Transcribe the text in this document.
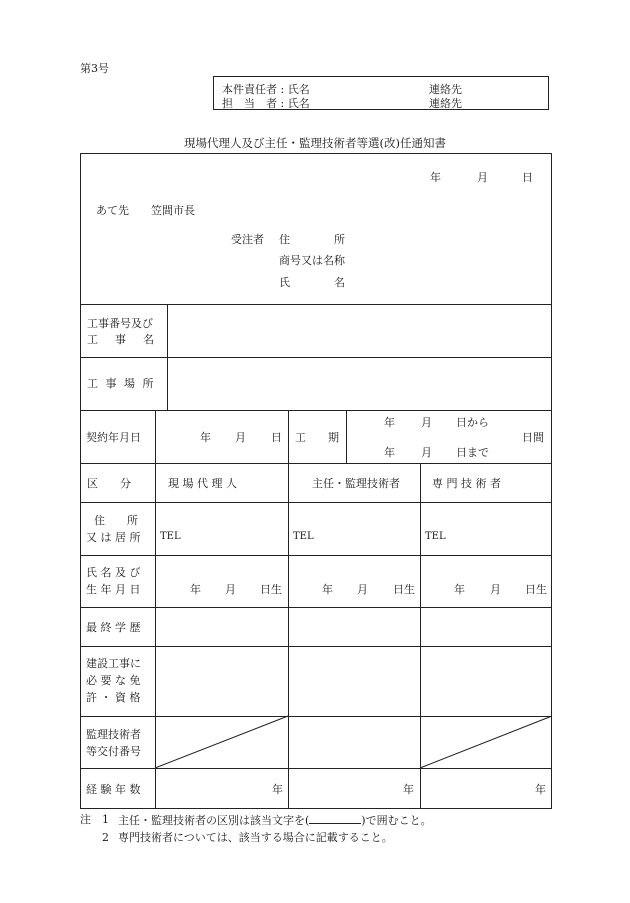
第3号
本件責任者 : 氏名	連絡先
担　当　者 : 氏名	連絡先
現場代理人及び主任・監理技術者等選(改)任通知書
年	月	日
あて先　　笠間市長
受注者 住　　　　所
商号又は名称
氏　　　　名
工事番号及び
工　事　名
工 事 場 所
契約年月日	年 月 日 工　　期
年 月 日から
年 月 日まで
日間
区　　分	現 場 代 理 人	主任・監理技術者	専 門 技 術 者
住　　所
又 は 居 所 TEL	TEL	TEL
氏 名 及 び
生 年 月 日	年 月 日生	年 月 日生	年 月 日生
最 終 学 歴
建設工事に
必 要 な 免
許 ・ 資 格
監理技術者
等交付番号
経 験 年 数	年	年	年
注 1 主任・監理技術者の区別は該当文字を(	)で囲むこと。
2 専門技術者については、該当する場合に記載すること。
